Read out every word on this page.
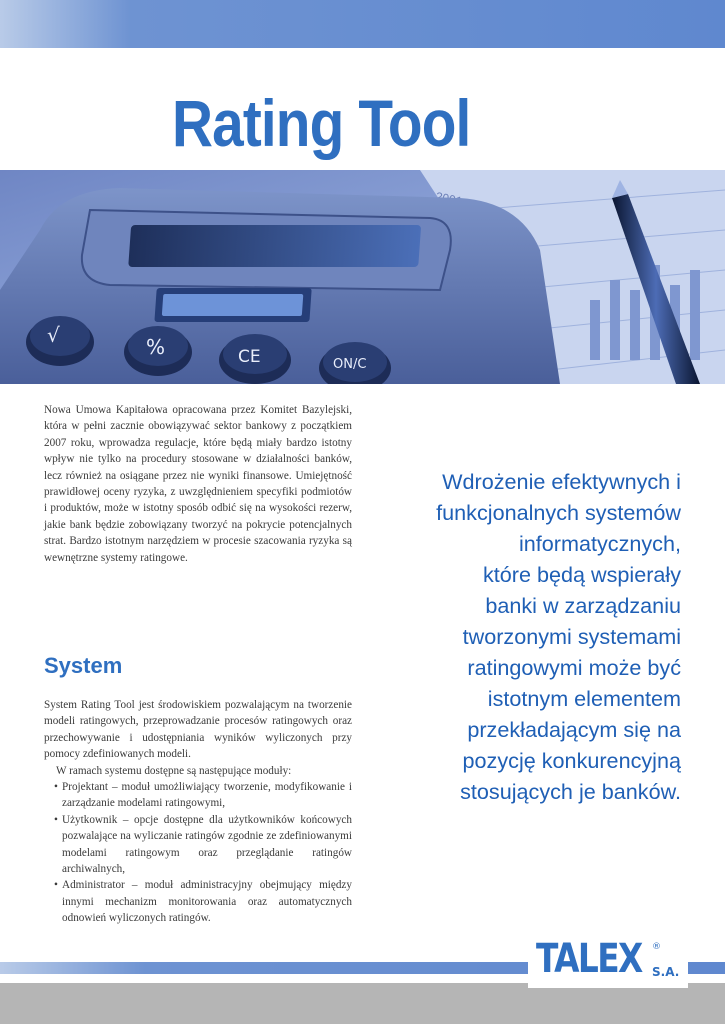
Rating Tool
√	%	CE	ON/C

Nowa Umowa Kapitałowa opracowana przez Komitet Bazylejski, która w pełni zacznie obowiązywać sektor bankowy z początkiem 2007 roku, wprowadza regulacje, które będą miały bardzo istotny wpływ nie tylko na procedury stosowane w działalności banków, lecz również na osiągane przez nie wyniki finansowe. Umiejętność prawidłowej oceny ryzyka, z uwzględnieniem specyfiki podmiotów i produktów, może w istotny sposób odbić się na wysokości rezerw, jakie bank będzie zobowiązany tworzyć na pokrycie potencjalnych strat. Bardzo istotnym narzędziem w procesie szacowania ryzyka są wewnętrzne systemy ratingowe.

System

System Rating Tool jest środowiskiem pozwalającym na tworzenie modeli ratingowych, przeprowadzanie procesów ratingowych oraz przechowywanie i udostępniania wyników wyliczonych przy pomocy zdefiniowanych modeli.

W ramach systemu dostępne są następujące moduły:

• Projektant – moduł umożliwiający tworzenie, modyfikowanie i zarządzanie modelami ratingowymi,
• Użytkownik – opcje dostępne dla użytkowników końcowych pozwalające na wyliczanie ratingów zgodnie ze zdefiniowanymi modelami ratingowym oraz przeglądanie ratingów archiwalnych,
• Administrator – moduł administracyjny obejmujący między innymi mechanizm monitorowania oraz automatycznych odnowień wyliczonych ratingów.
Wdrożenie efektywnych i
funkcjonalnych systemów
informatycznych,
które będą wspierały
banki w zarządzaniu
tworzonymi systemami
ratingowymi może być
istotnym elementem
przekładającym się na
pozycję konkurencyjną
stosujących je banków.
TALEX ®
S.A.
